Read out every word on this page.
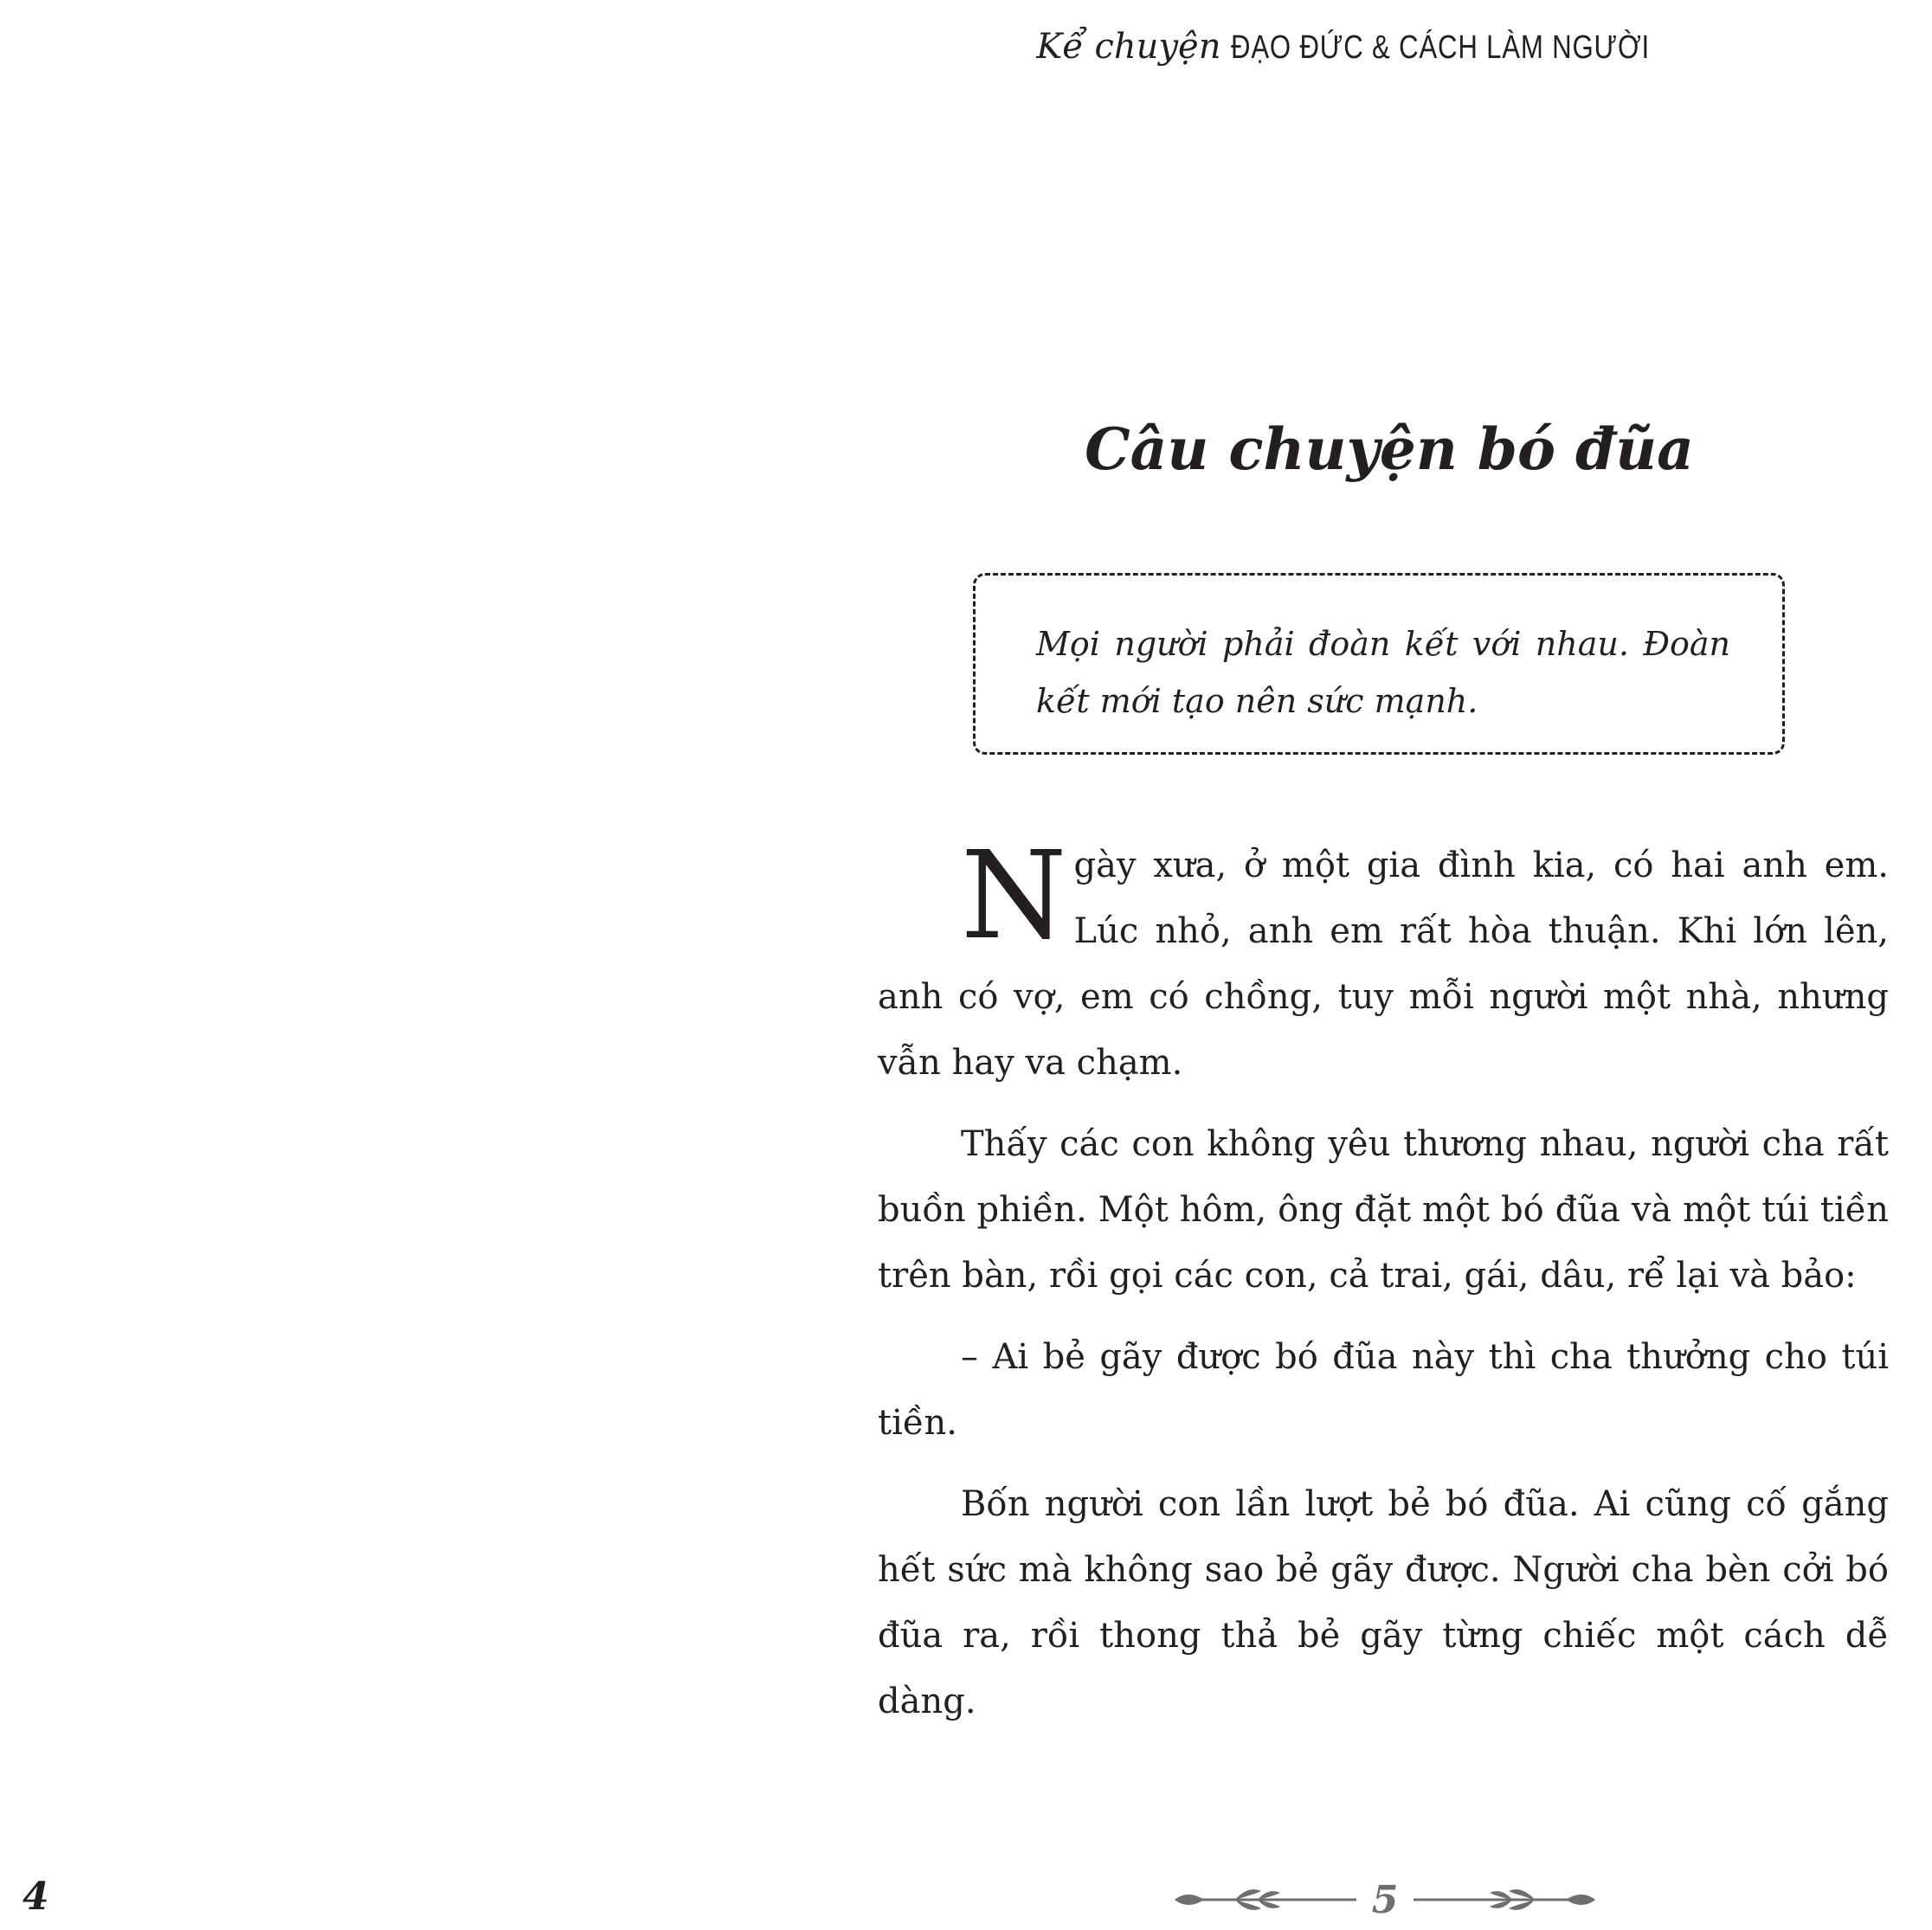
Kể chuyện ĐẠO ĐỨC & CÁCH LÀM NGƯỜI
Câu chuyện bó đũa

Mọi người phải đoàn kết với nhau. Đoàn kết mới tạo nên sức mạnh.

Ngày xưa, ở một gia đình kia, có hai anh em. Lúc nhỏ, anh em rất hòa thuận. Khi lớn lên, anh có vợ, em có chồng, tuy mỗi người một nhà, nhưng vẫn hay va chạm.

Thấy các con không yêu thương nhau, người cha rất buồn phiền. Một hôm, ông đặt một bó đũa và một túi tiền trên bàn, rồi gọi các con, cả trai, gái, dâu, rể lại và bảo:

– Ai bẻ gãy được bó đũa này thì cha thưởng cho túi tiền.

Bốn người con lần lượt bẻ bó đũa. Ai cũng cố gắng hết sức mà không sao bẻ gãy được. Người cha bèn cởi bó đũa ra, rồi thong thả bẻ gãy từng chiếc một cách dễ dàng.

4	5
